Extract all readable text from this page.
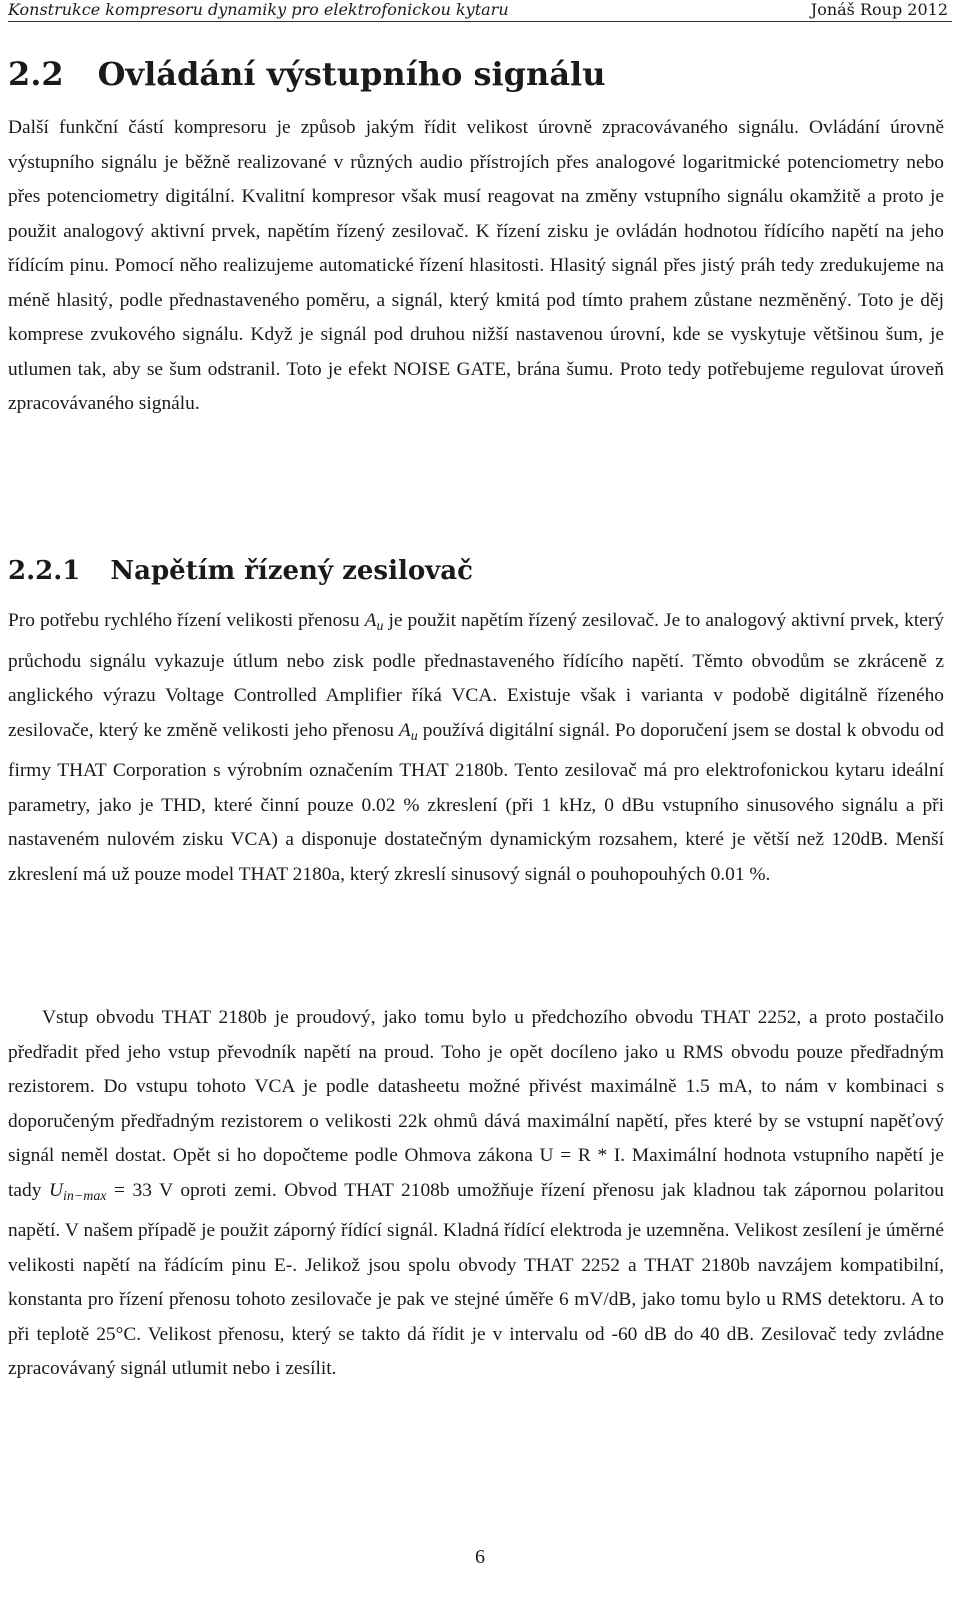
Konstrukce kompresoru dynamiky pro elektrofonickou kytaru	Jonáš Roup 2012
2.2 Ovládání výstupního signálu

Další funkční částí kompresoru je způsob jakým řídit velikost úrovně zpracovávaného signálu. Ovládání úrovně výstupního signálu je běžně realizované v různých audio přístrojích přes analogové logaritmické potenciometry nebo přes potenciometry digitální. Kvalitní kompresor však musí reagovat na změny vstupního signálu okamžitě a proto je použit analogový aktivní prvek, napětím řízený zesilovač. K řízení zisku je ovládán hodnotou řídícího napětí na jeho řídícím pinu. Pomocí něho realizujeme automatické řízení hlasitosti. Hlasitý signál přes jistý práh tedy zredukujeme na méně hlasitý, podle přednastaveného poměru, a signál, který kmitá pod tímto prahem zůstane nezměněný. Toto je děj komprese zvukového signálu. Když je signál pod druhou nižší nastavenou úrovní, kde se vyskytuje většinou šum, je utlumen tak, aby se šum odstranil. Toto je efekt NOISE GATE, brána šumu. Proto tedy potřebujeme regulovat úroveň zpracovávaného signálu.

2.2.1 Napětím řízený zesilovač

Pro potřebu rychlého řízení velikosti přenosu $A_u$ je použit napětím řízený zesilovač. Je to analogový aktivní prvek, který průchodu signálu vykazuje útlum nebo zisk podle přednastaveného řídícího napětí. Těmto obvodům se zkráceně z anglického výrazu Voltage Controlled Amplifier říká VCA. Existuje však i varianta v podobě digitálně řízeného zesilovače, který ke změně velikosti jeho přenosu $A_u$ používá digitální signál. Po doporučení jsem se dostal k obvodu od firmy THAT Corporation s výrobním označením THAT 2180b. Tento zesilovač má pro elektrofonickou kytaru ideální parametry, jako je THD, které činní pouze 0.02 % zkreslení (při 1 kHz, 0 dBu vstupního sinusového signálu a při nastaveném nulovém zisku VCA) a disponuje dostatečným dynamickým rozsahem, které je větší než 120dB. Menší zkreslení má už pouze model THAT 2180a, který zkreslí sinusový signál o pouhopouhých 0.01 %.

Vstup obvodu THAT 2180b je proudový, jako tomu bylo u předchozího obvodu THAT 2252, a proto postačilo předřadit před jeho vstup převodník napětí na proud. Toho je opět docíleno jako u RMS obvodu pouze předřadným rezistorem. Do vstupu tohoto VCA je podle datasheetu možné přivést maximálně 1.5 mA, to nám v kombinaci s doporučeným předřadným rezistorem o velikosti 22k ohmů dává maximální napětí, přes které by se vstupní napěťový signál neměl dostat. Opět si ho dopočteme podle Ohmova zákona U = R * I. Maximální hodnota vstupního napětí je tady $U_{in-max} = 33$ V oproti zemi. Obvod THAT 2108b umožňuje řízení přenosu jak kladnou tak zápornou polaritou napětí. V našem případě je použit záporný řídící signál. Kladná řídící elektroda je uzemněna. Velikost zesílení je úměrné velikosti napětí na řádícím pinu E-. Jelikož jsou spolu obvody THAT 2252 a THAT 2180b navzájem kompatibilní, konstanta pro řízení přenosu tohoto zesilovače je pak ve stejné úměře 6 mV/dB, jako tomu bylo u RMS detektoru. A to při teplotě 25°C. Velikost přenosu, který se takto dá řídit je v intervalu od -60 dB do 40 dB. Zesilovač tedy zvládne zpracovávaný signál utlumit nebo i zesílit.

6
